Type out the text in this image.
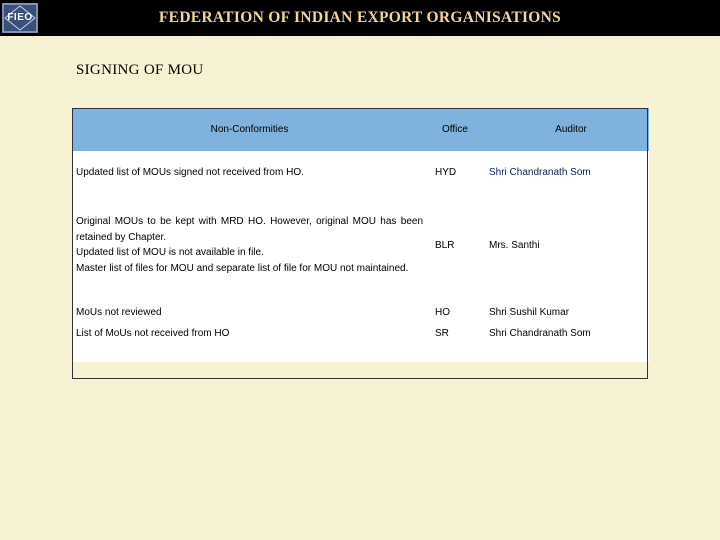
FIEO	FEDERATION OF INDIAN EXPORT ORGANISATIONS
SIGNING OF MOU
Non-Conformities	Office	Auditor
Updated list of MOUs signed not received from HO.	HYD	Shri Chandranath Som
Original MOUs to be kept with MRD HO. However, original MOU has been retained by Chapter.
Updated list of MOU is not available in file.
Master list of files for MOU and separate list of file for MOU not maintained.	BLR	Mrs. Santhi
MoUs not reviewed	HO	Shri Sushil Kumar
List of MoUs not received from HO	SR	Shri Chandranath Som
